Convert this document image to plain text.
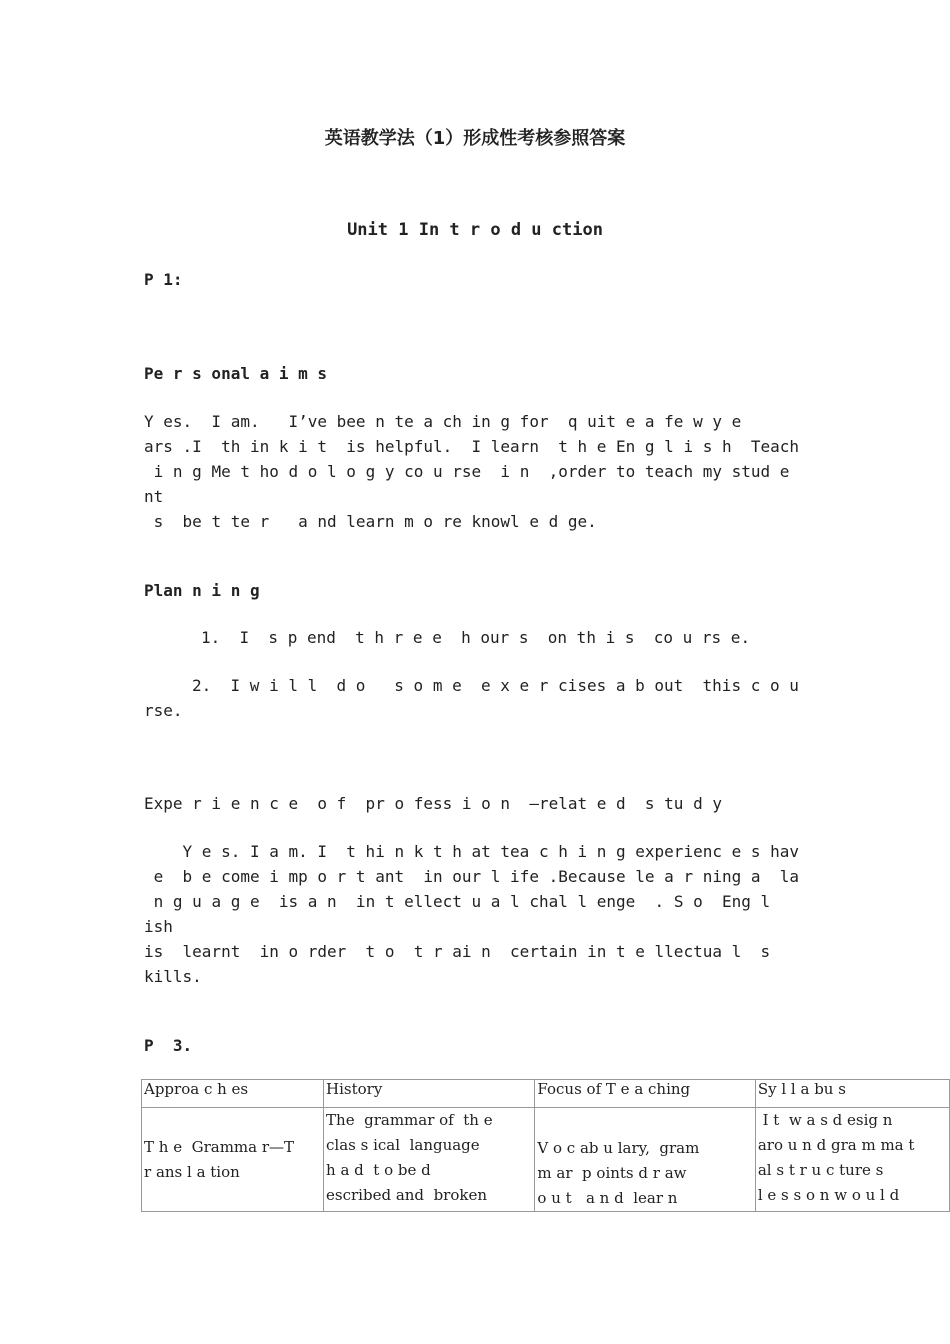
英语教学法（1）形成性考核参照答案
Unit 1 In t r o d u ction
P 1:
Pe r s onal a i m s
Y es.  I am.   I’ve bee n te a ch in g for  q uit e a fe w y e
ars .I  th in k i t  is helpful.  I learn  t h e En g l i s h  Teach
i n g Me t ho d o l o g y co u rse  i n  ,order to teach my stud e nt
s  be t te r   a nd learn m o re knowl e d ge.
Plan n i n g
1.  I  s p end  t h r e e  h our s  on th i s  co u rs e.
2.  I w i l l  d o   s o m e  e x e r cises a b out  this c o u
rse.
Expe r i e n c e  o f  pr o fess i o n  –relat e d  s tu d y
Y e s. I a m. I  t hi n k t h at tea c h i n g experienc e s hav
e  b e come i mp o r t ant  in our l ife .Because le a r ning a  la
n g u a g e  is a n  in t ellect u a l chal l enge  . S o  Eng l ish
is  learnt  in o rder  t o  t r ai n  certain in t e llectua l  s
kills.
P  3.
Approa c h es	History	Focus of T e a ching	Sy l l a bu s
T h e  Gramma r—T
r ans l a tion	The  grammar of  th e
clas s ical  language
h a d  t o be d
escribed and  broken	V o c ab u lary,  gram
m ar  p oints d r aw
o u t   a n d  lear n	I t  w a s d esig n
aro u n d gra m ma t
al s t r u c ture s
l e s s o n w o u l d
